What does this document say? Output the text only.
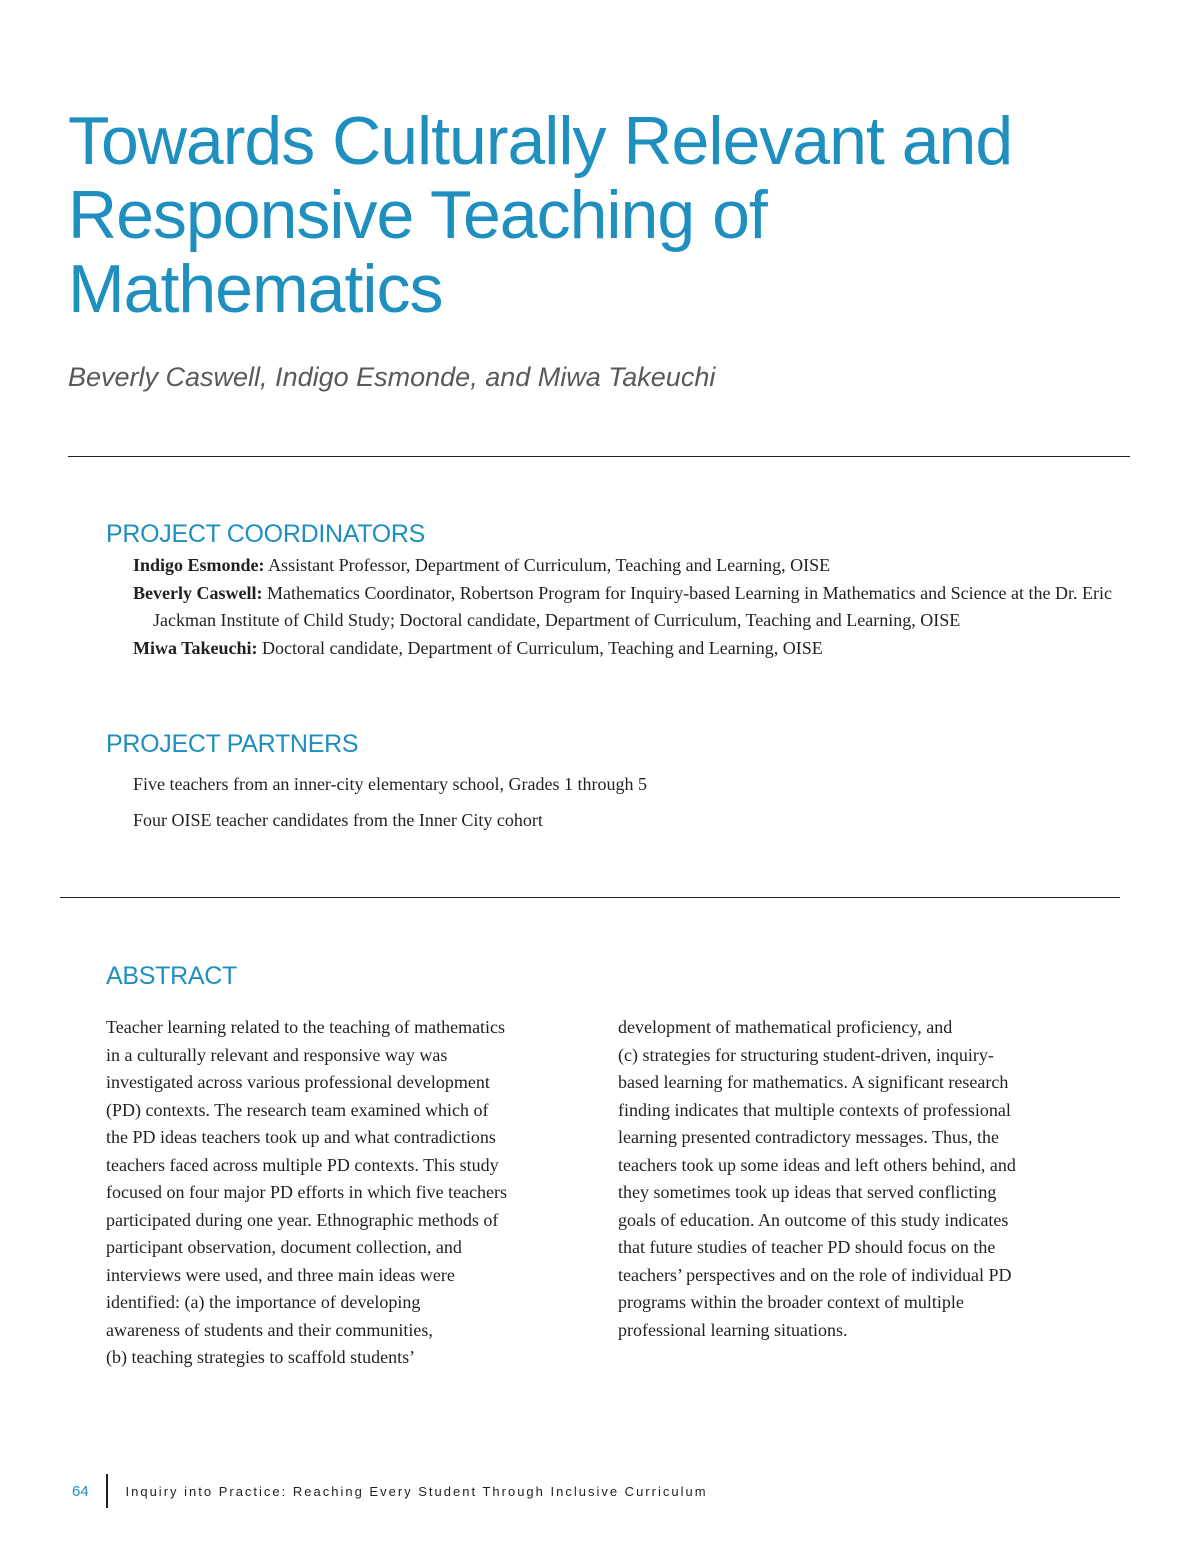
Towards Culturally Relevant and
Responsive Teaching of
Mathematics

Beverly Caswell, Indigo Esmonde, and Miwa Takeuchi

PROJECT COORDINATORS
Indigo Esmonde: Assistant Professor, Department of Curriculum, Teaching and Learning, OISE
Beverly Caswell: Mathematics Coordinator, Robertson Program for Inquiry-based Learning in Mathematics and Science at the Dr. Eric Jackman Institute of Child Study; Doctoral candidate, Department of Curriculum, Teaching and Learning, OISE
Miwa Takeuchi: Doctoral candidate, Department of Curriculum, Teaching and Learning, OISE
PROJECT PARTNERS
Five teachers from an inner-city elementary school, Grades 1 through 5
Four OISE teacher candidates from the Inner City cohort
ABSTRACT
Teacher learning related to the teaching of mathematics
in a culturally relevant and responsive way was
investigated across various professional development
(PD) contexts. The research team examined which of
the PD ideas teachers took up and what contradictions
teachers faced across multiple PD contexts. This study
focused on four major PD efforts in which five teachers
participated during one year. Ethnographic methods of
participant observation, document collection, and
interviews were used, and three main ideas were
identified: (a) the importance of developing
awareness of students and their communities,
(b) teaching strategies to scaffold students’
development of mathematical proficiency, and
(c) strategies for structuring student-driven, inquiry-
based learning for mathematics. A significant research
finding indicates that multiple contexts of professional
learning presented contradictory messages. Thus, the
teachers took up some ideas and left others behind, and
they sometimes took up ideas that served conflicting
goals of education. An outcome of this study indicates
that future studies of teacher PD should focus on the
teachers’ perspectives and on the role of individual PD
programs within the broader context of multiple
professional learning situations.
64	Inquiry into Practice: Reaching Every Student Through Inclusive Curriculum
